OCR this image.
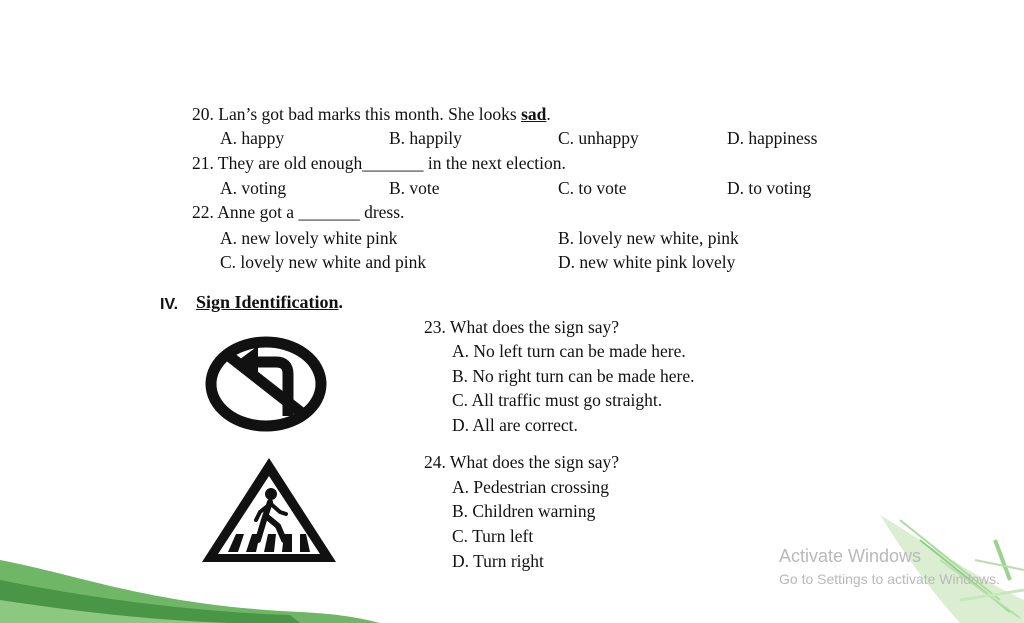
20. Lan’s got bad marks this month. She looks sad.
A. happy	B. happily	C. unhappy	D. happiness
21. They are old enough_______ in the next election.
A. voting	B. vote	C. to vote	D. to voting
22. Anne got a _______ dress.
A. new lovely white pink	B. lovely new white, pink
C. lovely new white and pink	D. new white pink lovely
IV. Sign Identification.
23. What does the sign say?
A. No left turn can be made here.
B. No right turn can be made here.
C. All traffic must go straight.
D. All are correct.
24. What does the sign say?
A. Pedestrian crossing
B. Children warning
C. Turn left
D. Turn right	Activate Windows
Go to Settings to activate Windows.
